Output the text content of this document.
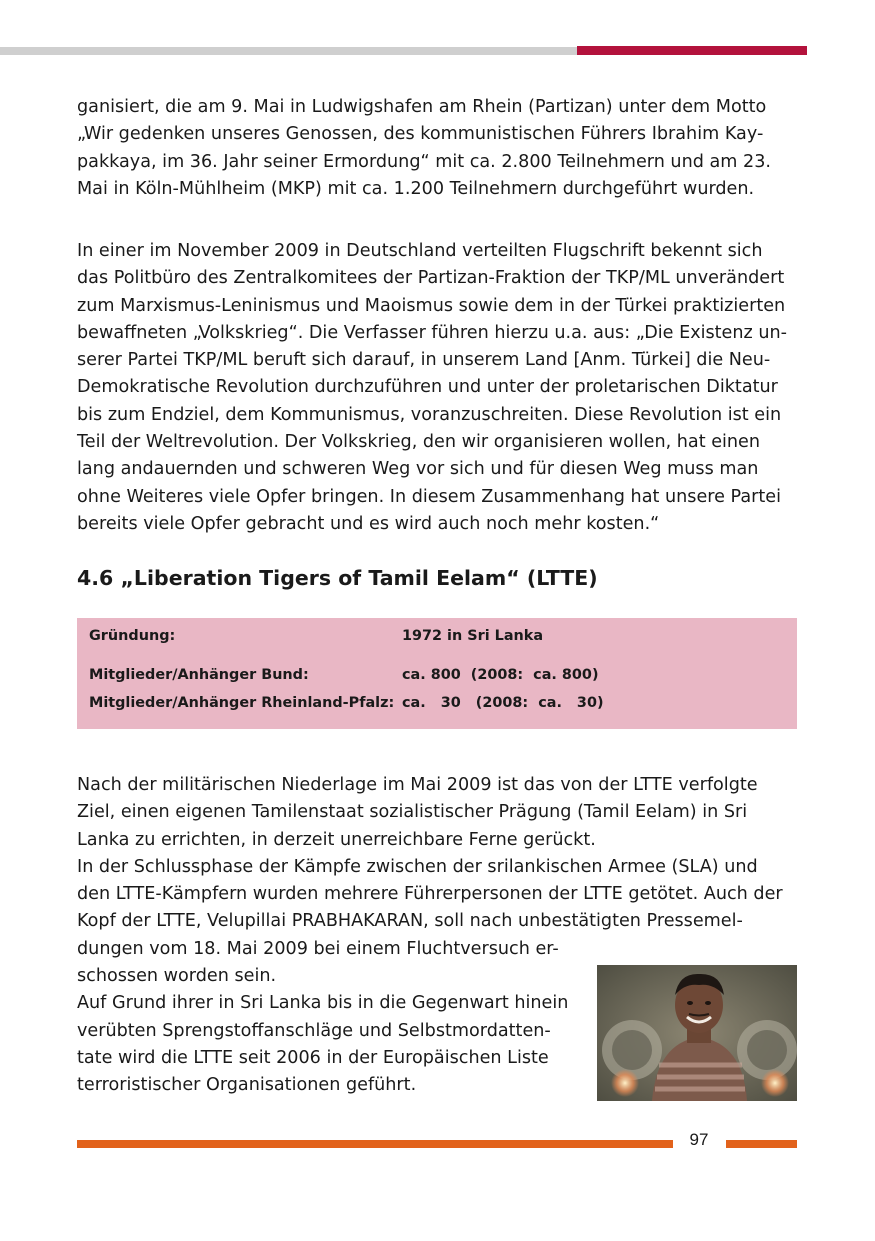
ganisiert, die am 9. Mai in Ludwigshafen am Rhein (Partizan) unter dem Motto

„Wir gedenken unseres Genossen, des kommunistischen Führers Ibrahim Kay-

pakkaya, im 36. Jahr seiner Ermordung“ mit ca. 2.800 Teilnehmern und am 23.

Mai in Köln-Mühlheim (MKP) mit ca. 1.200 Teilnehmern durchgeführt wurden.

In einer im November 2009 in Deutschland verteilten Flugschrift bekennt sich

das Politbüro des Zentralkomitees der Partizan-Fraktion der TKP/ML unverändert

zum Marxismus-Leninismus und Maoismus sowie dem in der Türkei praktizierten

bewaffneten „Volkskrieg“. Die Verfasser führen hierzu u.a. aus: „Die Existenz un-

serer Partei TKP/ML beruft sich darauf, in unserem Land [Anm. Türkei] die Neu-

Demokratische Revolution durchzuführen und unter der proletarischen Diktatur

bis zum Endziel, dem Kommunismus, voranzuschreiten. Diese Revolution ist ein

Teil der Weltrevolution. Der Volkskrieg, den wir organisieren wollen, hat einen

lang andauernden und schweren Weg vor sich und für diesen Weg muss man

ohne Weiteres viele Opfer bringen. In diesem Zusammenhang hat unsere Partei

bereits viele Opfer gebracht und es wird auch noch mehr kosten.“

4.6 „Liberation Tigers of Tamil Eelam“ (LTTE)
Gründung:	1972 in Sri Lanka
Mitglieder/Anhänger Bund:	ca. 800  (2008:  ca. 800)
Mitglieder/Anhänger Rheinland-Pfalz: ca.   30   (2008:  ca.   30)

Nach der militärischen Niederlage im Mai 2009 ist das von der LTTE verfolgte

Ziel, einen eigenen Tamilenstaat sozialistischer Prägung (Tamil Eelam) in Sri

Lanka zu errichten, in derzeit unerreichbare Ferne gerückt.

In der Schlussphase der Kämpfe zwischen der srilankischen Armee (SLA) und

den LTTE-Kämpfern wurden mehrere Führerpersonen der LTTE getötet. Auch der

Kopf der LTTE, Velupillai PRABHAKARAN, soll nach unbestätigten Pressemel-

dungen vom 18. Mai 2009 bei einem Fluchtversuch er-

schossen worden sein.

Auf Grund ihrer in Sri Lanka bis in die Gegenwart hinein

verübten Sprengstoffanschläge und Selbstmordatten-

tate wird die LTTE seit 2006 in der Europäischen Liste

terroristischer Organisationen geführt.

97
